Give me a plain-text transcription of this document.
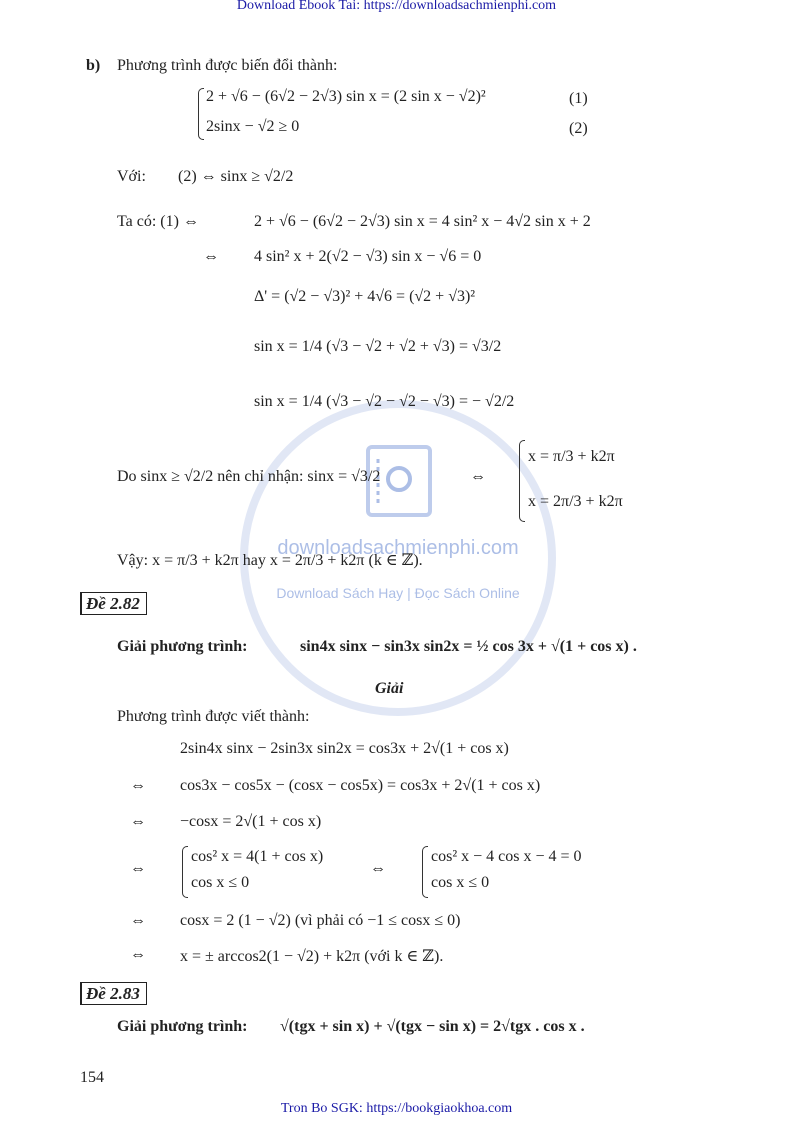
Download Ebook Tai: https://downloadsachmienphi.com
Tron Bo SGK: https://bookgiaokhoa.com
downloadsachmienphi.com
Download Sách Hay | Đọc Sách Online
b) Phương trình được biến đổi thành:
2 + √6 − (6√2 − 2√3) sin x = (2 sin x − √2)²	(1)
2sinx − √2 ≥ 0	(2)
Với: (2) ⇔ sinx ≥ √2/2
Ta có: (1) ⇔	2 + √6 − (6√2 − 2√3) sin x = 4 sin² x − 4√2 sin x + 2
⇔ 4 sin² x + 2(√2 − √3) sin x − √6 = 0
Δ' = (√2 − √3)² + 4√6 = (√2 + √3)²
sin x = 1/4 (√3 − √2 + √2 + √3) = √3/2
sin x = 1/4 (√3 − √2 − √2 − √3) = − √2/2
Do sinx ≥ √2/2 nên chỉ nhận: sinx = √3/2	⇔
x = π/3 + k2π
x = 2π/3 + k2π
Vậy: x = π/3 + k2π hay x = 2π/3 + k2π (k ∈ ℤ).
Đề 2.82
Giải phương trình:	sin4x sinx − sin3x sin2x = ½ cos 3x + √(1 + cos x) .
Giải
Phương trình được viết thành:
2sin4x sinx − 2sin3x sin2x = cos3x + 2√(1 + cos x)
⇔ cos3x − cos5x − (cosx − cos5x) = cos3x + 2√(1 + cos x)
⇔ −cosx = 2√(1 + cos x)
⇔
cos² x = 4(1 + cos x)
cos x ≤ 0
⇔
cos² x − 4 cos x − 4 = 0
cos x ≤ 0
⇔ cosx = 2 (1 − √2) (vì phải có −1 ≤ cosx ≤ 0)
⇔ x = ± arccos2(1 − √2) + k2π (với k ∈ ℤ).
Đề 2.83
Giải phương trình: √(tgx + sin x) + √(tgx − sin x) = 2√tgx . cos x .
154
